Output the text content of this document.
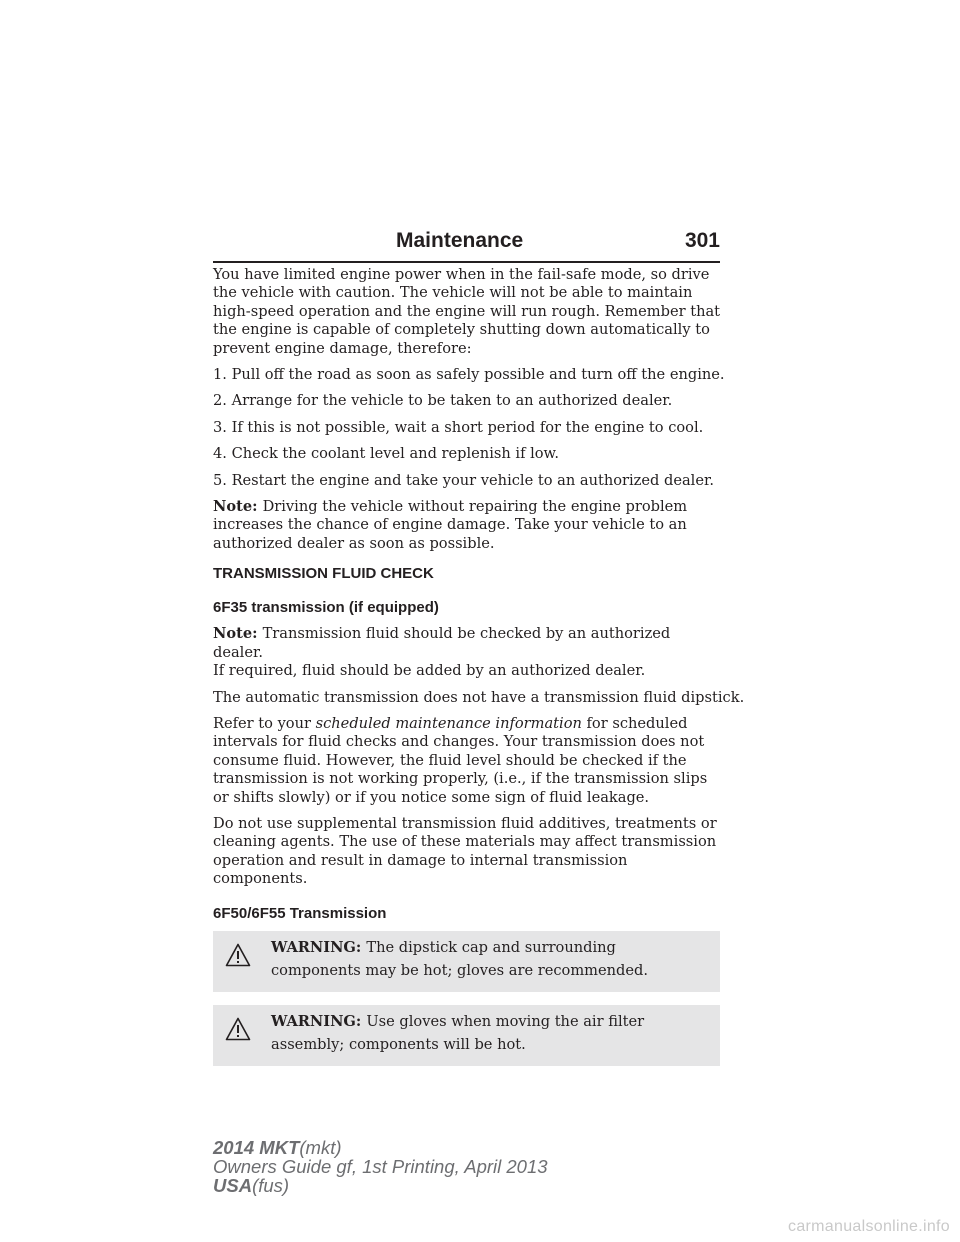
Maintenance	301

You have limited engine power when in the fail-safe mode, so drive the vehicle with caution. The vehicle will not be able to maintain high-speed operation and the engine will run rough. Remember that the engine is capable of completely shutting down automatically to prevent engine damage, therefore:

1. Pull off the road as soon as safely possible and turn off the engine.

2. Arrange for the vehicle to be taken to an authorized dealer.

3. If this is not possible, wait a short period for the engine to cool.

4. Check the coolant level and replenish if low.

5. Restart the engine and take your vehicle to an authorized dealer.

Note: Driving the vehicle without repairing the engine problem increases the chance of engine damage. Take your vehicle to an authorized dealer as soon as possible.

TRANSMISSION FLUID CHECK
6F35 transmission (if equipped)

Note: Transmission fluid should be checked by an authorized dealer.
If required, fluid should be added by an authorized dealer.

The automatic transmission does not have a transmission fluid dipstick.

Refer to your scheduled maintenance information for scheduled intervals for fluid checks and changes. Your transmission does not consume fluid. However, the fluid level should be checked if the transmission is not working properly, (i.e., if the transmission slips or shifts slowly) or if you notice some sign of fluid leakage.

Do not use supplemental transmission fluid additives, treatments or cleaning agents. The use of these materials may affect transmission operation and result in damage to internal transmission components.

6F50/6F55 Transmission
WARNING: The dipstick cap and surrounding components may be hot; gloves are recommended.
WARNING: Use gloves when moving the air filter assembly; components will be hot.
2014 MKT(mkt)
Owners Guide gf, 1st Printing, April 2013
USA(fus)
carmanualsonline.info
